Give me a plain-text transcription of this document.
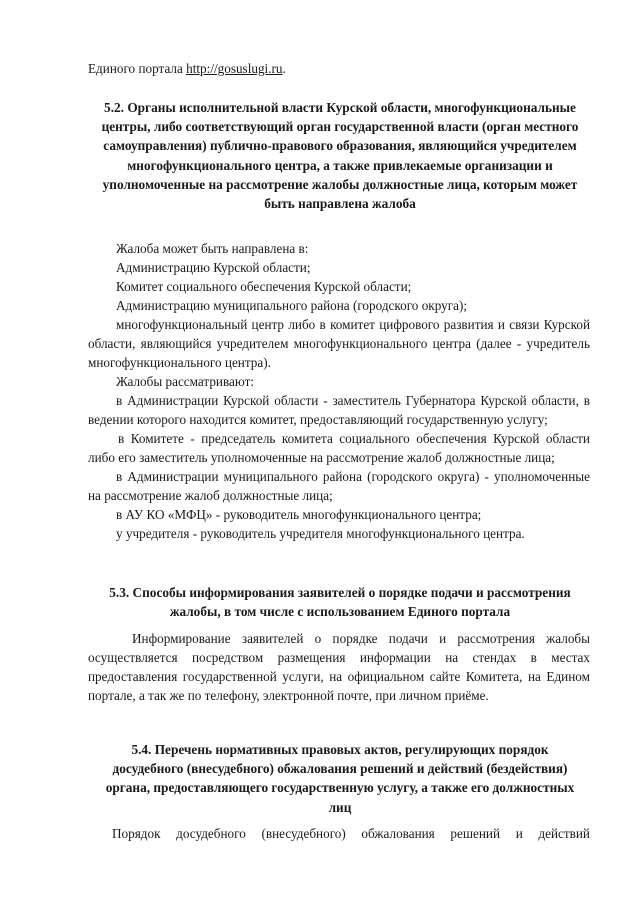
Единого портала http://gosuslugi.ru.
5.2. Органы исполнительной власти Курской области, многофункциональные центры, либо соответствующий орган государственной власти (орган местного самоуправления) публично-правового образования, являющийся учредителем многофункционального центра, а также привлекаемые организации и уполномоченные на рассмотрение жалобы должностные лица, которым может быть направлена жалоба

Жалоба может быть направлена в:

Администрацию Курской области;

Комитет социального обеспечения Курской области;

Администрацию муниципального района (городского округа);

многофункциональный центр либо в комитет цифрового развития и связи Курской области, являющийся учредителем многофункционального центра (далее - учредитель многофункционального центра).

Жалобы рассматривают:

в Администрации Курской области - заместитель Губернатора Курской области, в ведении которого находится комитет, предоставляющий государственную услугу;

в Комитете - председатель комитета социального обеспечения Курской области либо его заместитель уполномоченные на рассмотрение жалоб должностные лица;

в Администрации муниципального района (городского округа) - уполномоченные на рассмотрение жалоб должностные лица;

в АУ КО «МФЦ» - руководитель многофункционального центра;

у учредителя - руководитель учредителя многофункционального центра.

5.3. Способы информирования заявителей о порядке подачи и рассмотрения жалобы, в том числе с использованием Единого портала

Информирование заявителей о порядке подачи и рассмотрения жалобы осуществляется посредством размещения информации на стендах в местах предоставления государственной услуги, на официальном сайте Комитета, на Едином портале, а так же по телефону, электронной почте, при личном приёме.

5.4. Перечень нормативных правовых актов, регулирующих порядок досудебного (внесудебного) обжалования решений и действий (бездействия) органа, предоставляющего государственную услугу, а также его должностных лиц

Порядок досудебного (внесудебного) обжалования решений и действий
